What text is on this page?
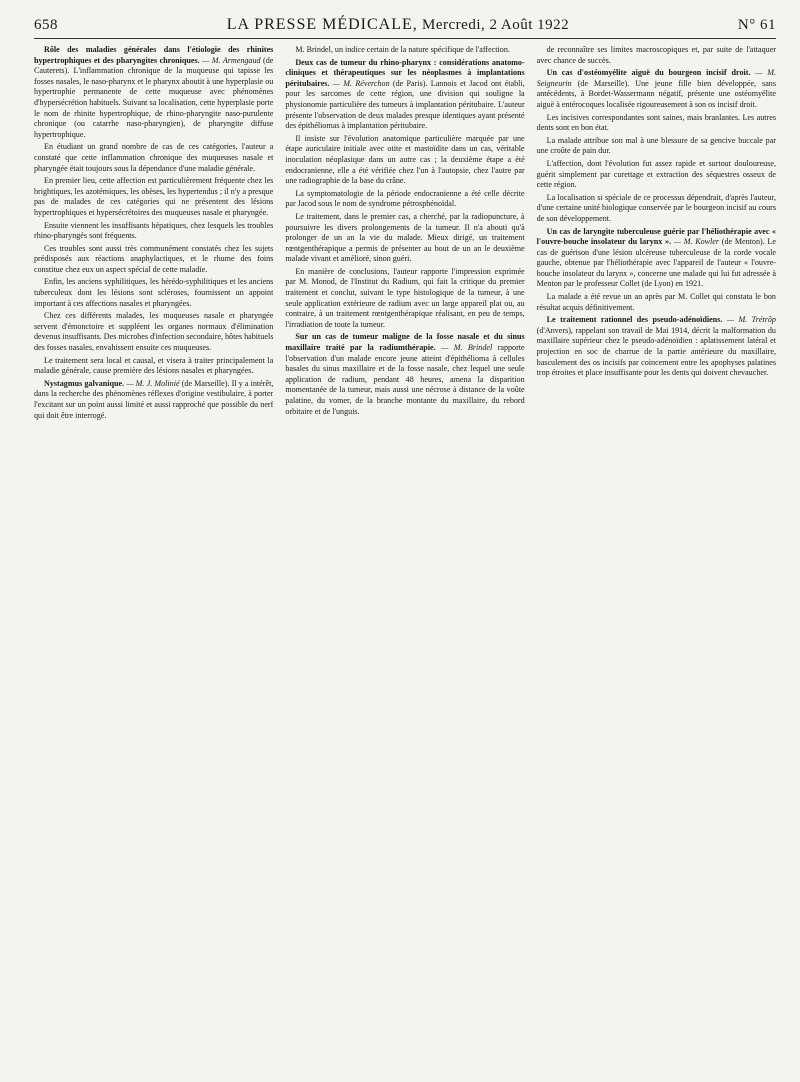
658	LA PRESSE MÉDICALE, Mercredi, 2 Août 1922	N° 61

Rôle des maladies générales dans l'étiologie des rhinites hypertrophiques et des pharyngites chroniques. — M. Armengaud (de Cauterets). L'inflammation chronique de la muqueuse qui tapisse les fosses nasales, le naso-pharynx et le pharynx aboutit à une hyperplasie ou hypertrophie permanente de cette muqueuse avec phénomènes d'hypersécrétion habituels. Suivant sa localisation, cette hyperplasie porte le nom de rhinite hypertrophique, de rhino-pharyngite naso-purulente chronique (ou catarrhe naso-pharyngien), de pharyngite diffuse hypertrophique.

En étudiant un grand nombre de cas de ces catégories, l'auteur a constaté que cette inflammation chronique des muqueuses nasale et pharyngée était toujours sous la dépendance d'une maladie générale.

En premier lieu, cette affection est particulièrement fréquente chez les brightiques, les azotémiques, les obèses, les hypertendus ; il n'y a presque pas de malades de ces catégories qui ne présentent des lésions hypertrophiques et hypersécrétoires des muqueuses nasale et pharyngée.

Ensuite viennent les insuffisants hépatiques, chez lesquels les troubles rhino-pharyngés sont fréquents.

Ces troubles sont aussi très communément constatés chez les sujets prédisposés aux réactions anaphylactiques, et le rhume des foins constitue chez eux un aspect spécial de cette maladie.

Enfin, les anciens syphilitiques, les hérédo-syphilitiques et les anciens tuberculeux dont les lésions sont scléroses, fournissent un appoint important à ces affections nasales et pharyngées.

Chez ces différents malades, les muqueuses nasale et pharyngée servent d'émonctoire et suppléent les organes normaux d'élimination devenus insuffisants. Des microbes d'infection secondaire, hôtes habituels des fosses nasales, envahissent ensuite ces muqueuses.

Le traitement sera local et causal, et visera à traiter principalement la maladie générale, cause première des lésions nasales et pharyngées.

Nystagmus galvanique. — M. J. Molinié (de Marseille). Il y a intérêt, dans la recherche des phénomènes réflexes d'origine vestibulaire, à porter l'excitant sur un point aussi limité et aussi rapproché que possible du nerf qui doit être interrogé.

M. Brindel, un indice certain de la nature spécifique de l'affection.

Deux cas de tumeur du rhino-pharynx : considérations anatomo-cliniques et thérapeutiques sur les néoplasmes à implantations péritubaires. — M. Réverchon (de Paris). Lannois et Jacod ont établi, pour les sarcomes de cette région, une division qui souligne la physionomie particulière des tumeurs à implantation péritubaire. L'auteur présente l'observation de deux malades presque identiques ayant présenté des épithéliomas à implantation péritubaire.

Il insiste sur l'évolution anatomique particulière marquée par une étape auriculaire initiale avec otite et mastoïdite dans un cas, véritable inoculation néoplasique dans un autre cas ; la deuxième étape a été endocranienne, elle a été vérifiée chez l'un à l'autopsie, chez l'autre par une radiographie de la base du crâne.

La symptomatologie de la période endocranienne a été celle décrite par Jacod sous le nom de syndrome pétrosphénoïdal.

Le traitement, dans le premier cas, a cherché, par la radiopuncture, à poursuivre les divers prolongements de la tumeur. Il n'a abouti qu'à prolonger de un an la vie du malade. Mieux dirigé, un traitement rœntgenthérapique a permis de présenter au bout de un an le deuxième malade vivant et amélioré, sinon guéri.

En manière de conclusions, l'auteur rapporte l'impression exprimée par M. Monod, de l'Institut du Radium, qui fait la critique du premier traitement et conclut, suivant le type histologique de la tumeur, à une seule application extérieure de radium avec un large appareil plat ou, au contraire, à un traitement rœntgenthérapique réalisant, en peu de temps, l'irradiation de toute la tumeur.

Sur un cas de tumeur maligne de la fosse nasale et du sinus maxillaire traité par la radiumthérapie. — M. Brindel rapporte l'observation d'un malade encore jeune atteint d'épithélioma à cellules basales du sinus maxillaire et de la fosse nasale, chez lequel une seule application de radium, pendant 48 heures, amena la disparition momentanée de la tumeur, mais aussi une nécrose à distance de la voûte palatine, du vomer, de la branche montante du maxillaire, du rebord orbitaire et de l'unguis.

de reconnaître ses limites macroscopiques et, par suite de l'attaquer avec chance de succès.

Un cas d'ostéomyélite aiguë du bourgeon incisif droit. — M. Seigneurin (de Marseille). Une jeune fille bien développée, sans antécédents, à Bordet-Wassermann négatif, présente une ostéomyélite aiguë à entérocoques localisée rigoureusement à son os incisif droit.

Les incisives correspondantes sont saines, mais branlantes. Les autres dents sont en bon état.

La malade attribue son mal à une blessure de sa gencive buccale par une croûte de pain dur.

L'affection, dont l'évolution fut assez rapide et surtout douloureuse, guérit simplement par curettage et extraction des séquestres osseux de cette région.

La localisation si spéciale de ce processus dépendrait, d'après l'auteur, d'une certaine unité biologique conservée par le bourgeon incisif au cours de son développement.

Un cas de laryngite tuberculeuse guérie par l'héliothérapie avec « l'ouvre-bouche insolateur du larynx ». — M. Kowler (de Menton). Le cas de guérison d'une lésion ulcéreuse tuberculeuse de la corde vocale gauche, obtenue par l'héliothérapie avec l'appareil de l'auteur « l'ouvre-bouche insolateur du larynx », concerne une malade qui lui fut adressée à Menton par le professeur Collet (de Lyon) en 1921.

La malade a été revue un an après par M. Collet qui constata le bon résultat acquis définitivement.

Le traitement rationnel des pseudo-adénoïdiens. — M. Trétrôp (d'Anvers), rappelant son travail de Mai 1914, décrit la malformation du maxillaire supérieur chez le pseudo-adénoïdien : aplatissement latéral et projection en soc de charrue de la partie antérieure du maxillaire, basculement des os incisifs par coincement entre les apophyses palatines trop étroites et place insuffisante pour les dents qui doivent chevaucher.
